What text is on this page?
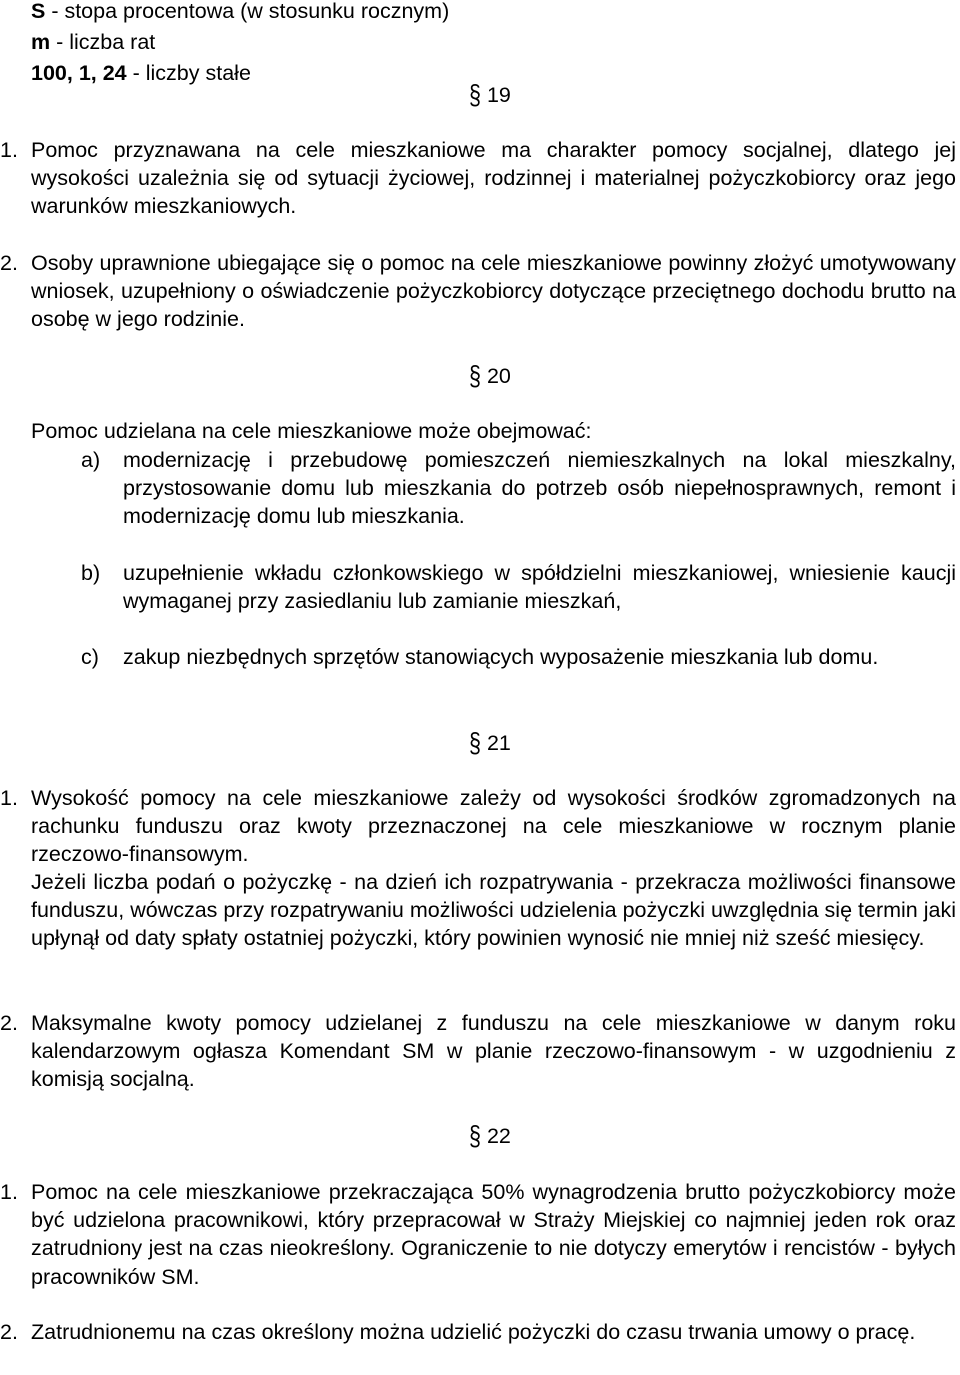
S - stopa procentowa (w stosunku rocznym)
m - liczba rat
100, 1, 24 - liczby stałe
§ 19
1. Pomoc przyznawana na cele mieszkaniowe ma charakter pomocy socjalnej, dlatego jej wysokości uzależnia się od sytuacji życiowej, rodzinnej i materialnej pożyczkobiorcy oraz jego warunków mieszkaniowych.
2. Osoby uprawnione ubiegające się o pomoc na cele mieszkaniowe powinny złożyć umotywowany wniosek, uzupełniony o oświadczenie pożyczkobiorcy dotyczące przeciętnego dochodu brutto na osobę w jego rodzinie.
§ 20
Pomoc udzielana na cele mieszkaniowe może obejmować:
a) modernizację i przebudowę pomieszczeń niemieszkalnych na lokal mieszkalny, przystosowanie domu lub mieszkania do potrzeb osób niepełnosprawnych, remont i modernizację domu lub mieszkania.
b) uzupełnienie wkładu członkowskiego w spółdzielni mieszkaniowej, wniesienie kaucji wymaganej przy zasiedlaniu lub zamianie mieszkań,
c) zakup niezbędnych sprzętów stanowiących wyposażenie mieszkania lub domu.
§ 21
1. Wysokość pomocy na cele mieszkaniowe zależy od wysokości środków zgromadzonych na rachunku funduszu oraz kwoty przeznaczonej na cele mieszkaniowe w rocznym planie rzeczowo-finansowym.
Jeżeli liczba podań o pożyczkę - na dzień ich rozpatrywania - przekracza możliwości finansowe funduszu, wówczas przy rozpatrywaniu możliwości udzielenia pożyczki uwzględnia się termin jaki upłynął od daty spłaty ostatniej pożyczki, który powinien wynosić nie mniej niż sześć miesięcy.
2. Maksymalne kwoty pomocy udzielanej z funduszu na cele mieszkaniowe w danym roku kalendarzowym ogłasza Komendant SM w planie rzeczowo-finansowym - w uzgodnieniu z komisją socjalną.
§ 22
1. Pomoc na cele mieszkaniowe przekraczająca 50% wynagrodzenia brutto pożyczkobiorcy może być udzielona pracownikowi, który przepracował w Straży Miejskiej co najmniej jeden rok oraz zatrudniony jest na czas nieokreślony. Ograniczenie to nie dotyczy emerytów i rencistów - byłych pracowników SM.
2. Zatrudnionemu na czas określony można udzielić pożyczki do czasu trwania umowy o pracę.
